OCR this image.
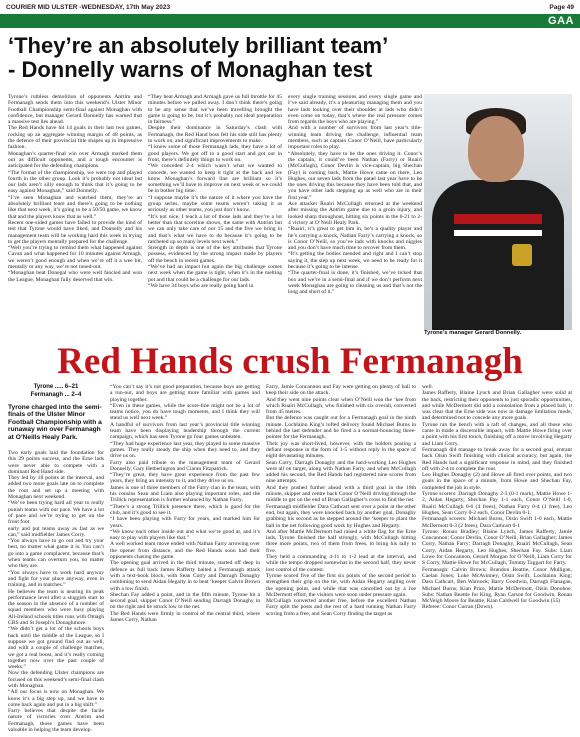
COURIER MID ULSTER -WEDNESDAY, 17th May 2023	Page 49
GAA
‘They’re an absolutely brilliant team’
- Donnelly warns of Monaghan test

Tyrone’s ruthless demolition of opponents Antrim and Fermanagh sends them into this weekend’s Ulster Minor Football Championship semi-final against Monaghan with confidence, but manager Gerard Donnelly has warned that a massive test lies ahead.

The Red Hands have hit 14 goals in their last two games, rocking up an aggregate winning margin of 48 points, as the defence of their provincial title shapes up in impressive fashion.

Monaghan’s quarter-final win over Armagh marked them out as difficult opponents, and a tough encounter is anticipated for the defending champions.

“The format of the championship, we were top and played fourth in the other group. Look it’s probably not ideal but our lads aren’t silly enough to think that it’s going to be easy against Monaghan,” said Donnelly.

“I’ve seen Monaghan and watched them, they’re an absolutely brilliant team and there’s going to be nothing like that next week, it’s going to be a 50/50 game, we know that and the players know that as well.”

Recent one-sided games have failed to provide the kind of test that Tyrone would have liked, and Donnelly and his management team will be working hard this week in trying to get the players mentally prepared for the challenge.

“Well you’re trying to remind them what happened against Cavan and what happened for 10 minutes against Armagh, we weren’t good enough and when we’re off it a wee bit, mentally or any way, we’re not tuned-out.

“Monaghan beat Donegal who were well fancied and won the League, Monaghan fully deserved that win.

“They beat Armagh and Armagh gave us full throttle for 45 minutes before we pulled away. I don’t think there’s going to be any sense that we’ve been travelling brought the game is going to be, but it’s probably not ideal preparation in fairness.”

Despite their dominance in Saturday’s clash with Fermanagh, the Red Hand boss felt his side still has plenty to work on, and significant improvements to make.

“I know some of those Fermanagh lads, they have a lot of good players. We got off to a good start and got our in front, there’s definitely things to work on.

“We conceded 2-4 which wasn’t what we wanted to concede, we wanted to keep it tight at the back and we know Monaghan’s forward line are brilliant so it’s something we’ll have to improve on next week or we could be in bother big time.

“I suppose maybe it’s the nature of it where you have the group series, maybe some teams weren’t taking it as seriously as other teams, you just don’t know.

“It’s not nice, I teach a lot of those lads and they’re a lot better than that scoreline shows, the same with Antrim but we can only take care of our 15 and the five we bring in and that’s what we have to do because it’s going to be ratcheted up so many levels next week.”

Strength in depth is one of the key attributes that Tyrone possess, evidenced by the strong impact made by players off the bench in recent games.

“We’ve had an impact but again the big challenge comes next week when the game is tight, when it’s in the melting pot and that could be a challenge for our lads.

“We have 34 boys who are really going hard in

every single training sessions and every single game and I’ve said already, it’s a pleasuring managing them and you have lads looking over their shoulder at lads who didn’t even come on today, that’s where the real pressure comes from regards the boys who are playing.”

And with a number of survivors from last year’s title-winning team driving the challenge, influential team members, such as captain Conor O’Neill, have particularly important roles to play.

“Absolutely, they have to be the ones driving it. Conor’s the captain, it could’ve been Nathan (Farry) or Ruairi (McCullagh), Conor Devlin is vice-captain, big Shechan (Fay) is coming back, Mattie Howe came on there, Leo Hughes, our seven lads from the panel last year have to be the ones driving this because they have been told that, and you have other lads stepping up as well who are in their first year.”

Ace attacker Ruairi McCullagh returned at the weekend after missing the Antrim game due to a groin injury, and looked sharp throughout, hitting six points in the 6-21 to 2-4 victory at O’Neill Healy Park.

“Ruairi, it’s great to get him in, he’s a quality player and he’s carrying a knock, Nathan Farry’s carrying a knock, so is Conor O’Neill, so you’ve lads with knocks and niggles and you don’t have much time to recover from them.

“It’s getting the bodies mended and right and I can’t stop saying it, the step up next week, we need to be ready for it because it’s going to be intense.

“The quarter-final is done, it’s finished, we’ve ticked that box and we’re in a semi-final and if we don’t perform next week Monaghan are going to cleaning us and that’s not the long and short of it.”

Tyrone’s manager Gerard Donnelly.
Red Hands crush Fermanagh
Tyrone ..... 6–21
Fermanagh ... 2–4
Tyrone charged into the semi-finals of the Ulster Minor Football Championship with a runaway win over Fermanagh at O’Neills Healy Park.

Two early goals laid the foundation for this 29 points success, and the Erne lads were never able to compete with a dominant Red Hand side.

They led by 18 points at the interval, and added two more goals late on to complete the rout and set up a meeting with Monaghan next weekend.

“We’ve been trying hard all year to really punish teams with our pace. We have a lot of pace and we’re trying to get on the front foot

early and put teams away as fast as we can,” said midfielder James Corry.

“You always have to go out and try your best, no matter what game it is. You can’t go into a game complacent, because that’s when teams can overturn you, no matter who they are.

“You always have to work hard anyway and fight for your place anyway, even in training, and in matches.”

He believes the team is nearing its peak performance level after a sluggish start to the season in the absence of a number of squad members who were busy playing All-Ireland schools titles runs with Omagh CBS and St Joseph’s Donaghmore.

“We didn’t get a lot of the schools boys back until the middle of the League, so I suppose we got ground find out as well, and with a couple of challenge matches, we got a real boost, and it’s really coming together now over the past couple of weeks.”

Now the defending Ulster champions are focused on this weekend’s semi-final clash with Monaghan.

“All our focus is now on Monaghan. We know it’s a big step up, and we have to come back again and put in a big shift.”

Farry believes that despite the facile nature of victories over Antrim and Fermanagh, those games have been valuable in helping the team develop.

“You can’t say it’s not good preparation, because boys are getting a run-out, and boys are getting more familiar with games and playing together.

“Even in these games, while the score-line might not be a lot of teams notice, you do have tough moments, and I think they will stand us well next week.”

A handful of survivors from last year’s provincial title winning team have been displaying leadership through the current campaign, which has seen Tyrone go four games unbeaten.

“They had huge experience last year, they played in some massive games. They really steady the ship when they need to, and they drive us on.

Farry also paid tribute to the management team of Gerard Donnelly, Gary Hetherington and Ciaran Fitzpatrick.

“They’re great, they have great experience from the past few years, they bring an intensity to it, and they drive us on.

James is one of three members of the Farry clan in the team, with his cousins Sean and Liam also playing important roles, and the Trillick representation is further enhanced by Nathan Farry.

“There’s a strong Trillick presence there, which is good for the club, and it’s good to see it.

“I have been playing with Farry for years, and marked him for years.

“We know each other inside out and what we’re good at, and it’s easy to play with players like that.”

A well worked team move ended with Nathan Farry arrowing over the opener from distance, and the Red Hands soon had their opponents chasing the game.

The opening goal arrived in the third minute, started off deep in defence as full back James Rafferty baited a Fermanagh attack with a text-book block, with Sean Corry and Darragh Donaghy combining to send Aidan Hegarty in to beat ‘keeper Calvin Brown with a low finish.

Shechan Fay added a point, and in the fifth minute, Tyrone hit a second goal, skipper Conor O’Neill sending Darragh Donaghy in on the right and he struck low to the net.

The Red Hands were firmly in control of the central third, where James Corry, Nathan

Farry, Jamie Concannon and Fay were getting on plenty of ball to keep their side on the attack.

And they went nine points clear when O’Neill won the ‘kee from which Ruairi McCullagh, who finished with six overall, converted from 45 metres.

But the defence was caught out for a Fermanagh goal in the ninth minute. Lochlainn King’s lofted delivery found Michael Burns in behind the last defender and he fired a a normal-bouncing three-pointer for the Fermanagh.

Their joy was short-lived, however, with the holders posting a defiant response in the form of 1-5 without reply in the space of eight devastating minutes.

Sean Corry, Darragh Donaghy and the hard-working Leo Hughes were all on target, along with Nathan Farry, and when McCullagh added his second, the Red Hands had registered nine scores from nine attempts.

And they pushed further ahead with a third goal in the 18th minute, skipper and centre back Conor O’Neill driving through the middle to get on the end of Brian Gallagher’s cross to find the net.

Fermanagh midfielder Dara Cathcart sent over a point at the other end, but again, they were knocked back by another goal, Donaghy grabbing his second as he stepped around the ‘keeper to plant the ball in the net following good work by Hughes and Hegarty.

And after Mattie McDermott had raised a white flag for the Erne lads, Tyrone finished the half strongly, with McCullagh hitting three more points, two of them from frees, to bring his tally to five.

They held a commanding 4-11 to 1-2 lead at the interval, and while the tempo dropped somewhat in the second half, they never lost control of the contest.

Tyrone scored five of the first six points of the second period to strengthen their grip on the tie, with Aidan Hegarty angling over the opening point, and while that was cancelled out by a Joe McDermott effort, the visitors were soon under pressure again.

McCullagh converted another free, before the excellent Nathan Farry split the posts and the rest of a hard running Nathan Farry scoring from a free, and Sean Corry finding the target as

well.

James Rafferty, Blaine Lynch and Brian Gallagher were solid at the back, restricting their opponents to just sporadic opportunities, and while McDermott did add a consolation from a placed ball, it was clear that the Erne side was now in damage limitation mode, and determined not to concede any more goals.

Tyrone ran the bench with a raft of changes, and all those who came in made a discernible impact, with Mattie Howe firing over a point with his first touch, finishing off a move involving Hegarty and Liam Corry.

Fermanagh did manage to break away for a second goal, entrant back Oisin Swift finishing with clinical accuracy, but again, the Red Hands had a significant response in mind, and they finished off with 2-4 to complete the rout.

Leo Hughes Donaghy (2) and Howe all fired over points, and two goals in the space of a minute, from Howe and Shechan Fay, completed the job in style.

Tyrone scorers: Darragh Donaghy 2-3 (0-1 mark), Mattie Howe 1-2, Aidan Hegarty, Shechan Fay 1-1 each, Conor O’Neill 1-0, Ruairi McCullagh 0-6 (4 frees), Nathan Farry 0-4 (1 free), Leo Hughes, Sean Corry 0-2 each, Conor Devlin 0-1.

Fermanagh scorers: Michael Burns, Oisin Swift 1-0 each, Mattie McDermott 0-3 (2 frees), Dara Cathcart 0-1

Tyrone: Ronan Bradley; Blaine Lynch, James Rafferty, Jamie Concannon; Conor Devlin, Conor O’Neill, Brian Gallagher; James Corry, Nathan Farry; Darragh Donaghy, Ruairi McCullagh, Sean Corry, Aidan Hegarty, Leo Hughes, Shechan Fay. Subs: Liam Lowe for Concannon, Gerard Morgan for O’Neill, Liam Corry for S Corry, Mattie Howe for McCullagh, Tommy Taggart for Farry.

Fermanagh: Calvin Brown; Brandon Beattie, Conor Mulligan, Caelan Jones; Luke McAvinney, Oisin Swift, Lochlainn King; Dara Cathcart, Ben Warnock; Barry Goodwin, Darragh Flanagan, Michael Burns; Kian Price, Mattie McDermott, Oisin Donohoe. Subs: Nathan Beattie for King, Ryan Carson for Goodwin, Ronan McVeigh Moore for Beattie, Kian Caldwell for Goodwin (55)

Referee: Conor Curran (Down).
